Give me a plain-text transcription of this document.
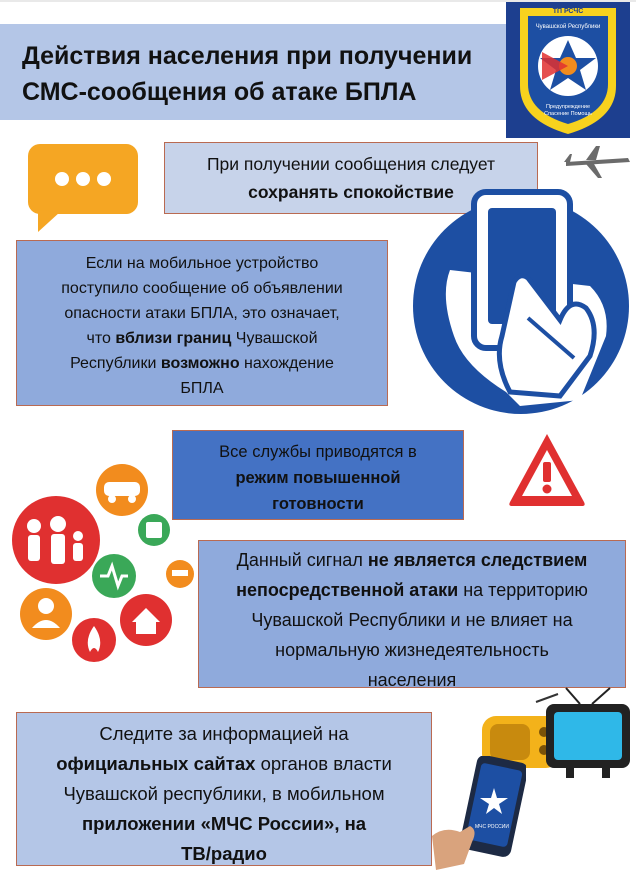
Действия населения при получении
СМС-сообщения об атаке БПЛА
ТП РСЧС
Чувашской Республики
Предупреждение
Спасение Помощь
При получении сообщения следует
сохранять спокойствие
Если на мобильное устройство
поступило сообщение об объявлении
опасности атаки БПЛА, это означает,
что вблизи границ Чувашской
Республики возможно нахождение
БПЛА
Все службы приводятся в
режим повышенной
готовности
Данный сигнал не является следствием
непосредственной атаки на территорию
Чувашской Республики и не влияет на
нормальную жизнедеятельность
населения
Следите за информацией на
официальных сайтах органов власти
Чувашской республики, в мобильном
приложении «МЧС России», на
ТВ/радио
МЧС РОССИИ
